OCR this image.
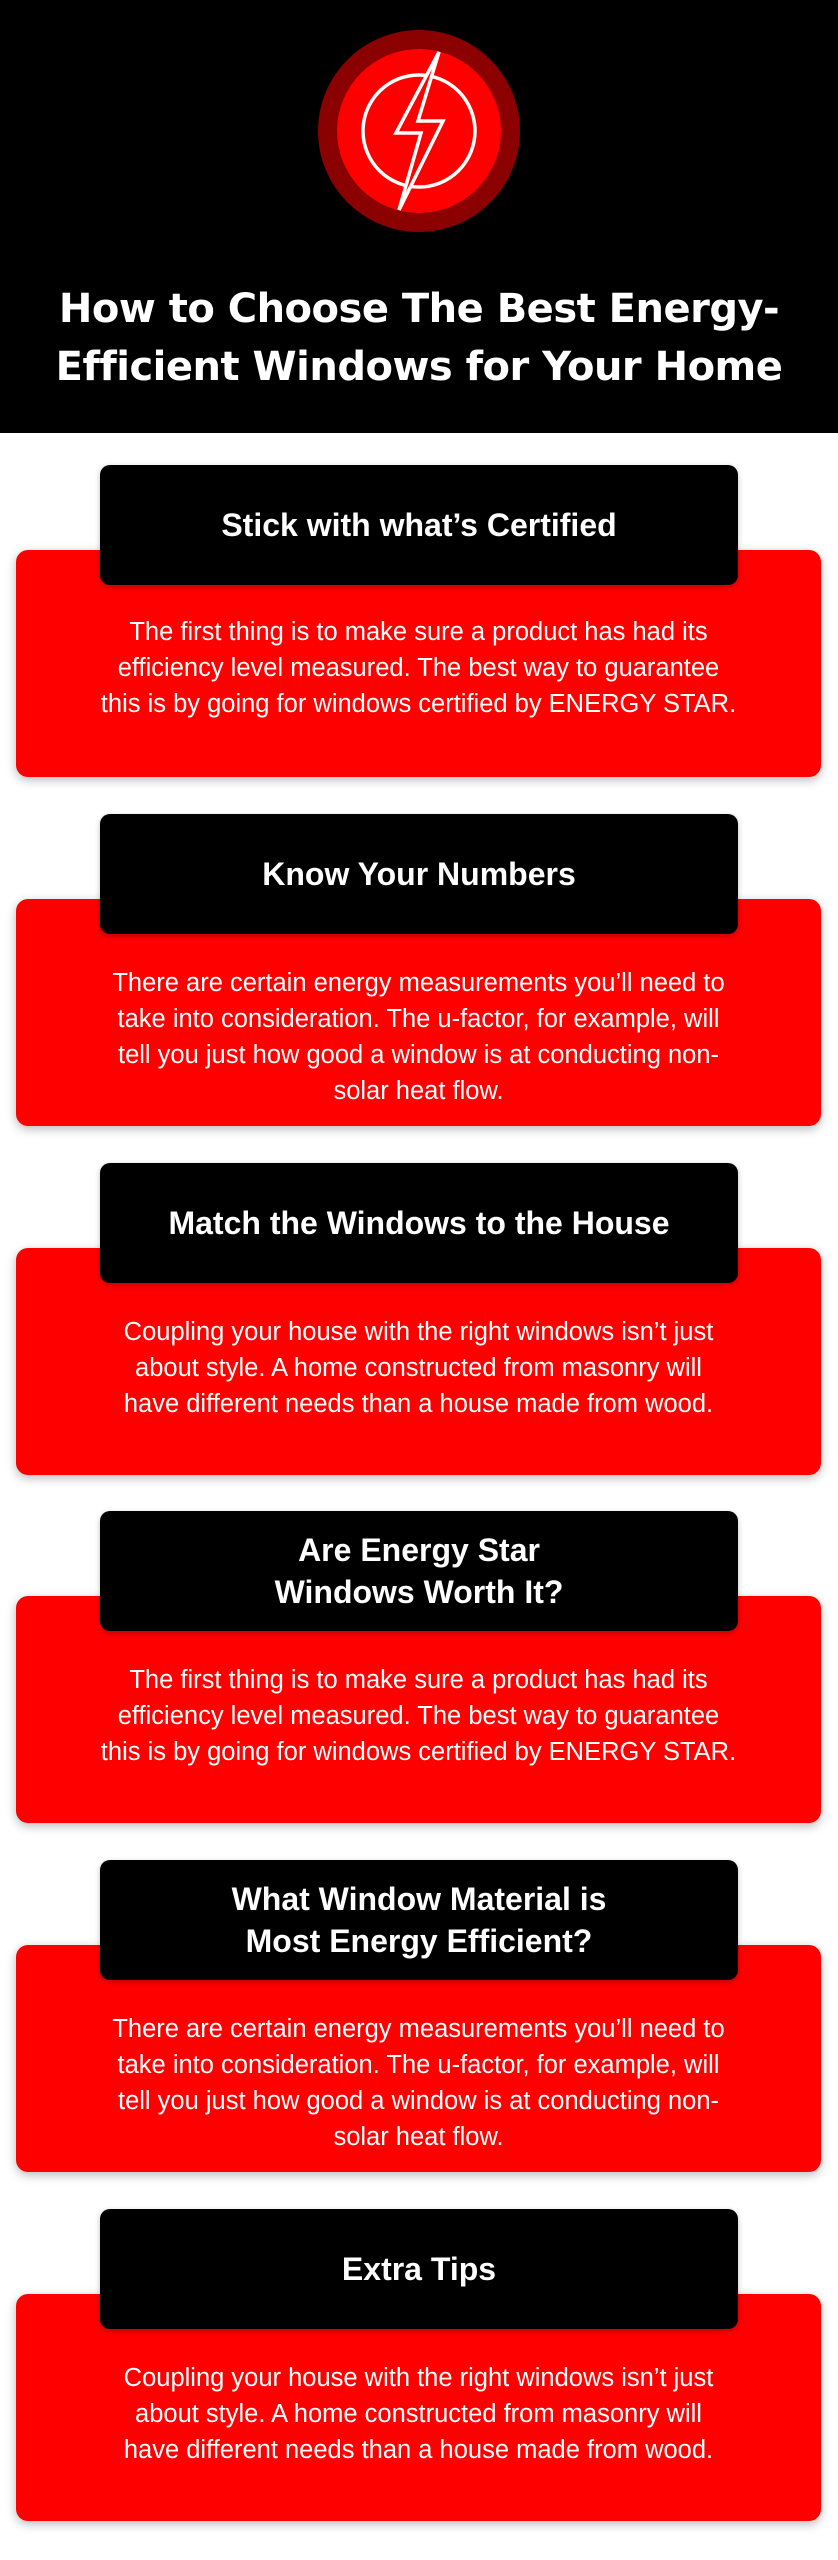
How to Choose The Best Energy-
Efficient Windows for Your Home

The first thing is to make sure a product has had its
efficiency level measured. The best way to guarantee
this is by going for windows certified by ENERGY STAR.

Stick with what’s Certified

There are certain energy measurements you’ll need to
take into consideration. The u-factor, for example, will
tell you just how good a window is at conducting non-
solar heat flow.

Know Your Numbers

Coupling your house with the right windows isn’t just
about style. A home constructed from masonry will
have different needs than a house made from wood.

Match the Windows to the House

The first thing is to make sure a product has had its
efficiency level measured. The best way to guarantee
this is by going for windows certified by ENERGY STAR.

Are Energy Star
Windows Worth It?

There are certain energy measurements you’ll need to
take into consideration. The u-factor, for example, will
tell you just how good a window is at conducting non-
solar heat flow.

What Window Material is
Most Energy Efficient?

Coupling your house with the right windows isn’t just
about style. A home constructed from masonry will
have different needs than a house made from wood.

Extra Tips
